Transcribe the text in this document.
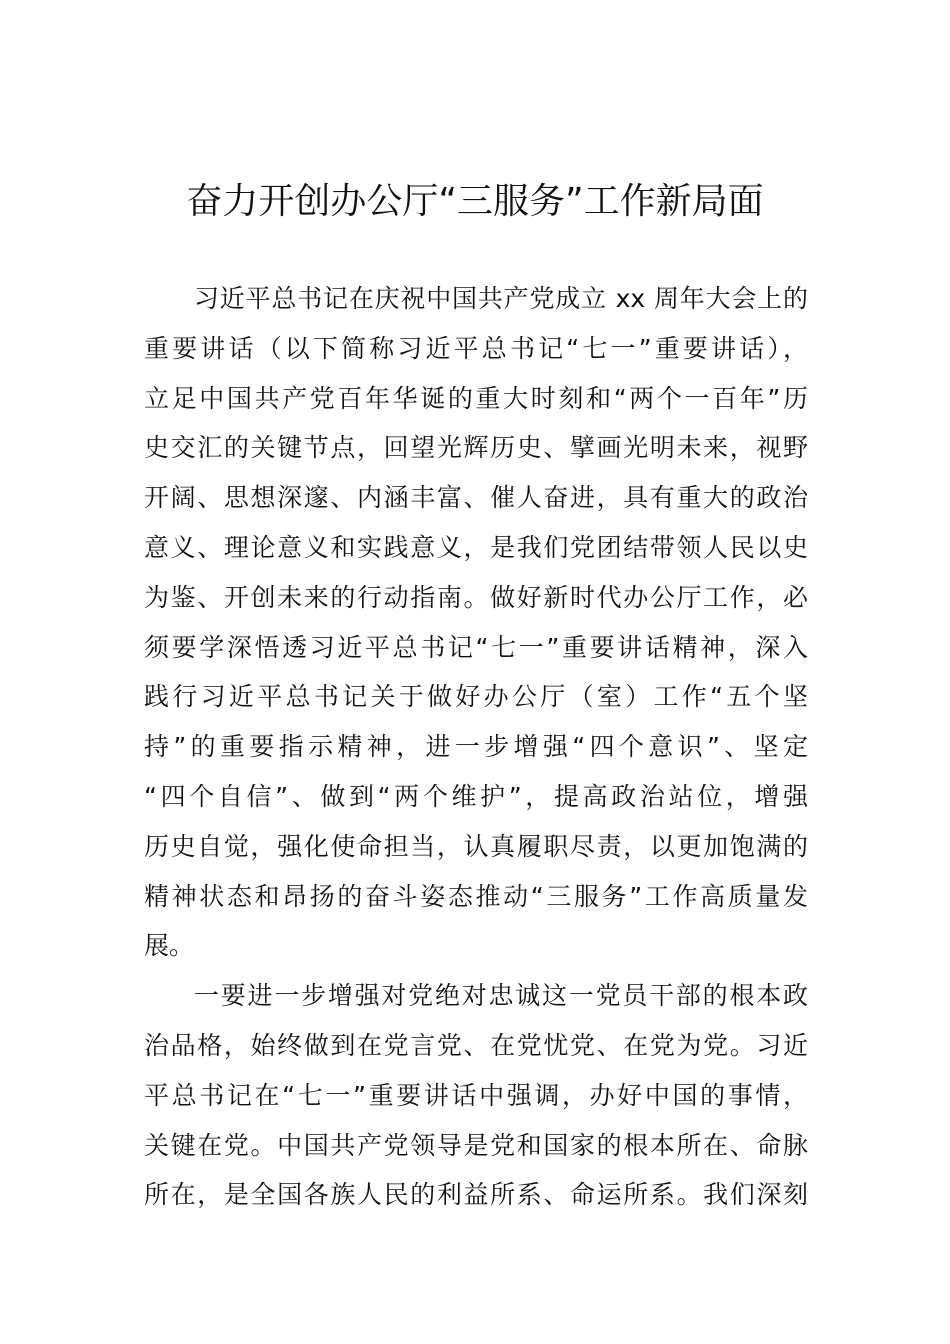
奋力开创办公厅“三服务”工作新局面
习近平总书记在庆祝中国共产党成立 xx 周年大会上的
重要讲话（以下简称习近平总书记“七一”重要讲话），
立足中国共产党百年华诞的重大时刻和“两个一百年”历
史交汇的关键节点，回望光辉历史、擘画光明未来，视野
开阔、思想深邃、内涵丰富、催人奋进，具有重大的政治
意义、理论意义和实践意义，是我们党团结带领人民以史
为鉴、开创未来的行动指南。做好新时代办公厅工作，必
须要学深悟透习近平总书记“七一”重要讲话精神，深入
践行习近平总书记关于做好办公厅（室）工作“五个坚
持”的重要指示精神，进一步增强“四个意识”、坚定
“四个自信”、做到“两个维护”，提高政治站位，增强
历史自觉，强化使命担当，认真履职尽责，以更加饱满的
精神状态和昂扬的奋斗姿态推动“三服务”工作高质量发
展。
一要进一步增强对党绝对忠诚这一党员干部的根本政
治品格，始终做到在党言党、在党忧党、在党为党。习近
平总书记在“七一”重要讲话中强调，办好中国的事情，
关键在党。中国共产党领导是党和国家的根本所在、命脉
所在，是全国各族人民的利益所系、命运所系。我们深刻
